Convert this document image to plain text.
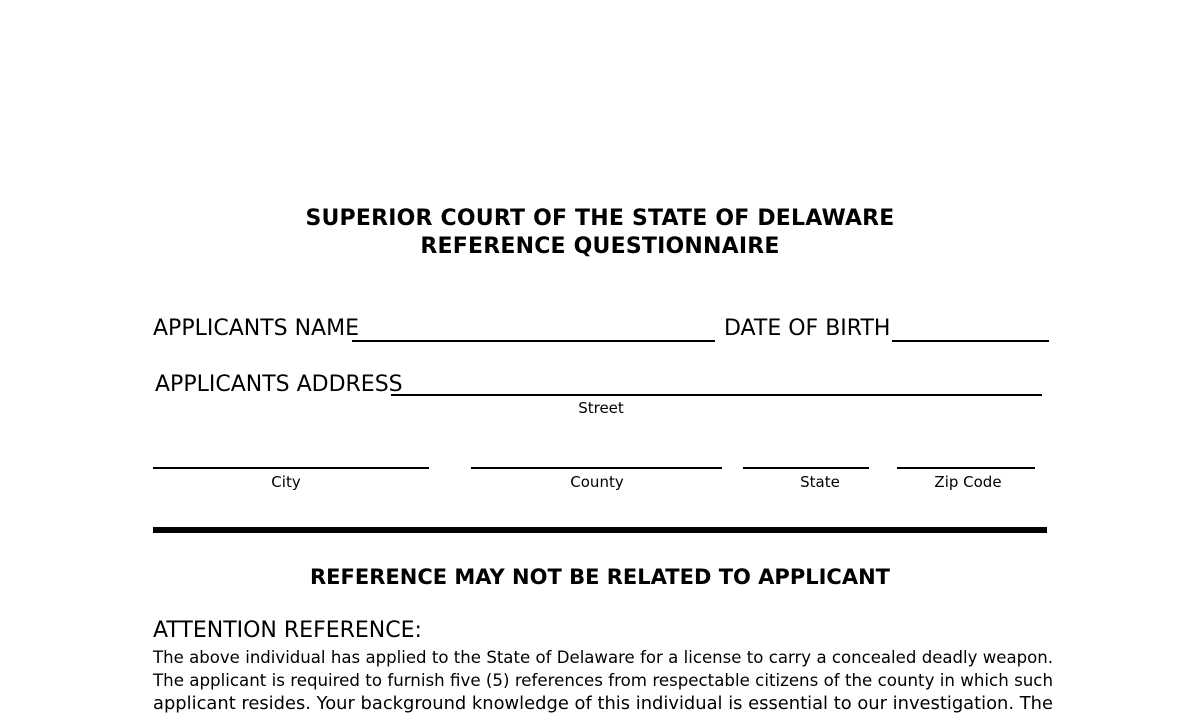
SUPERIOR COURT OF THE STATE OF DELAWARE
REFERENCE QUESTIONNAIRE
APPLICANTS NAME	DATE OF BIRTH
APPLICANTS ADDRESS
Street
City	County	State	Zip Code
REFERENCE MAY NOT BE RELATED TO APPLICANT
ATTENTION REFERENCE:
The above individual has applied to the State of Delaware for a license to carry a concealed deadly weapon.
The applicant is required to furnish five (5) references from respectable citizens of the county in which such
applicant resides. Your background knowledge of this individual is essential to our investigation. The
